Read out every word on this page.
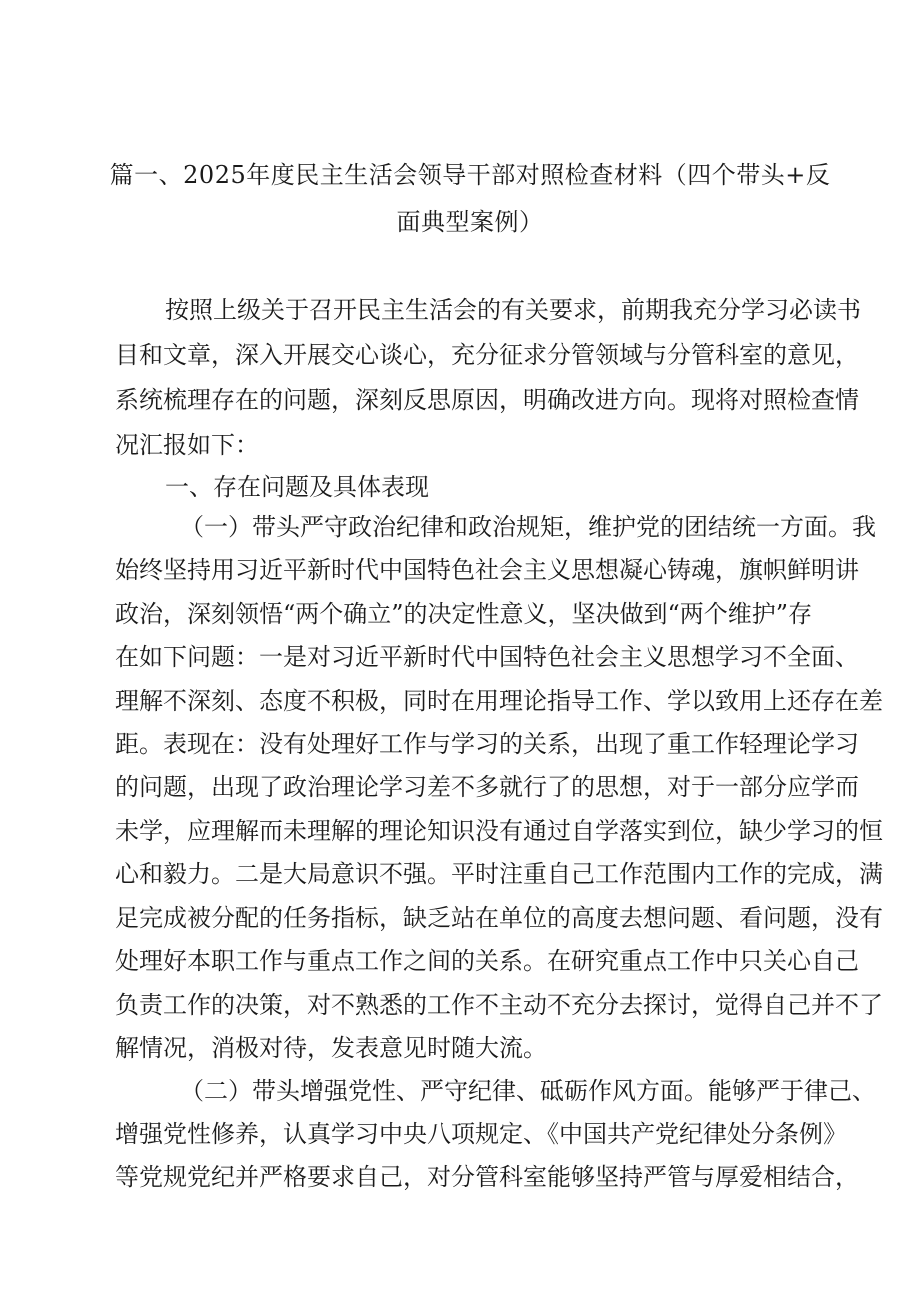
篇一、2025年度民主生活会领导干部对照检查材料（四个带头+反
面典型案例）
按照上级关于召开民主生活会的有关要求，前期我充分学习必读书
目和文章，深入开展交心谈心，充分征求分管领域与分管科室的意见，
系统梳理存在的问题，深刻反思原因，明确改进方向。现将对照检查情
况汇报如下：
一、存在问题及具体表现
（一）带头严守政治纪律和政治规矩，维护党的团结统一方面。我
始终坚持用习近平新时代中国特色社会主义思想凝心铸魂，旗帜鲜明讲
政治，深刻领悟“两个确立”的决定性意义，坚决做到“两个维护”存
在如下问题：一是对习近平新时代中国特色社会主义思想学习不全面、
理解不深刻、态度不积极，同时在用理论指导工作、学以致用上还存在差
距。表现在：没有处理好工作与学习的关系，出现了重工作轻理论学习
的问题，出现了政治理论学习差不多就行了的思想，对于一部分应学而
未学，应理解而未理解的理论知识没有通过自学落实到位，缺少学习的恒
心和毅力。二是大局意识不强。平时注重自己工作范围内工作的完成，满
足完成被分配的任务指标，缺乏站在单位的高度去想问题、看问题，没有
处理好本职工作与重点工作之间的关系。在研究重点工作中只关心自己
负责工作的决策，对不熟悉的工作不主动不充分去探讨，觉得自己并不了
解情况，消极对待，发表意见时随大流。
（二）带头增强党性、严守纪律、砥砺作风方面。能够严于律己、
增强党性修养，认真学习中央八项规定、《中国共产党纪律处分条例》
等党规党纪并严格要求自己，对分管科室能够坚持严管与厚爱相结合，
